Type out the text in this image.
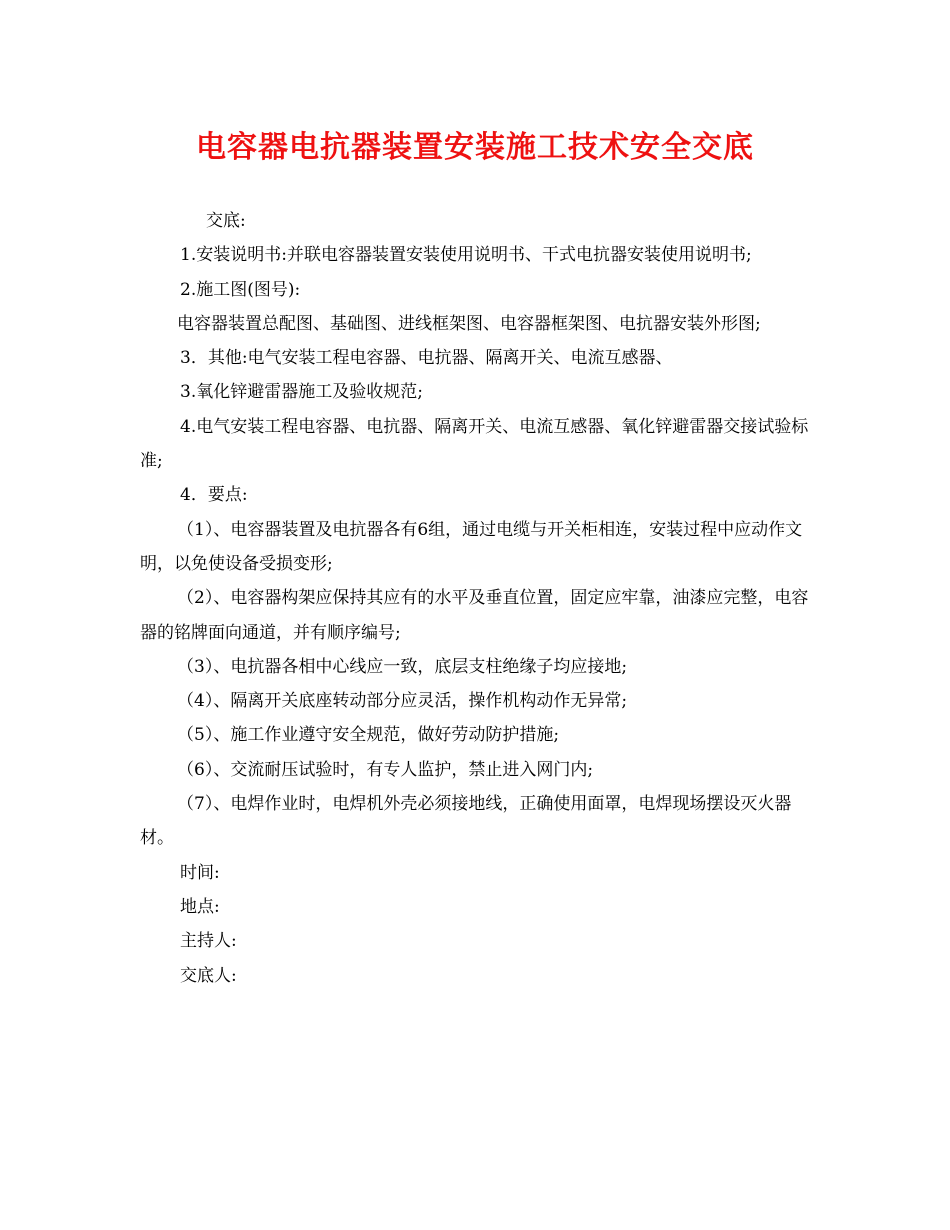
电容器电抗器装置安装施工技术安全交底

交底:

1.安装说明书:并联电容器装置安装使用说明书、干式电抗器安装使用说明书;

2.施工图(图号):

电容器装置总配图、基础图、进线框架图、电容器框架图、电抗器安装外形图;

3．其他:电气安装工程电容器、电抗器、隔离开关、电流互感器、

3.氧化锌避雷器施工及验收规范;

4.电气安装工程电容器、电抗器、隔离开关、电流互感器、氧化锌避雷器交接试验标准;

4．要点:

（1）、电容器装置及电抗器各有6组，通过电缆与开关柜相连，安装过程中应动作文明，以免使设备受损变形;

（2）、电容器构架应保持其应有的水平及垂直位置，固定应牢靠，油漆应完整，电容器的铭牌面向通道，并有顺序编号;

（3）、电抗器各相中心线应一致，底层支柱绝缘子均应接地;

（4）、隔离开关底座转动部分应灵活，操作机构动作无异常;

（5）、施工作业遵守安全规范，做好劳动防护措施;

（6）、交流耐压试验时，有专人监护，禁止进入网门内;

（7）、电焊作业时，电焊机外壳必须接地线，正确使用面罩，电焊现场摆设灭火器材。

时间:

地点:

主持人:

交底人:
